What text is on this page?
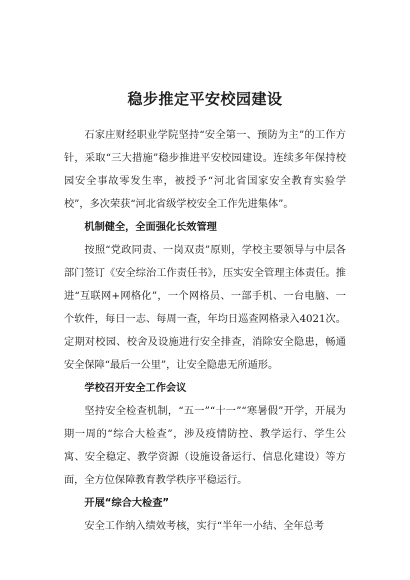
稳步推定平安校园建设

石家庄财经职业学院坚持“安全第一、预防为主”的工作方针，采取“三大措施”稳步推进平安校园建设。连续多年保持校园安全事故零发生率，被授予“河北省国家安全教育实验学校”，多次荣获“河北省级学校安全工作先进集体”。

机制健全，全面强化长效管理

按照“党政同责、一岗双责”原则，学校主要领导与中层各部门签订《安全综治工作责任书》，压实安全管理主体责任。推进“互联网+网格化”，一个网格员、一部手机、一台电脑、一个软件，每日一志、每周一查，年均日巡查网格录入4021次。定期对校园、校舍及设施进行安全排查，消除安全隐患，畅通安全保障“最后一公里”，让安全隐患无所遁形。

学校召开安全工作会议

坚持安全检查机制，“五一”“十一”“寒暑假”开学，开展为期一周的“综合大检查”，涉及疫情防控、教学运行、学生公寓、安全稳定、教学资源（设施设备运行、信息化建设）等方面，全方位保障教育教学秩序平稳运行。

开展“综合大检查”

安全工作纳入绩效考核，实行“半年一小结、全年总考
